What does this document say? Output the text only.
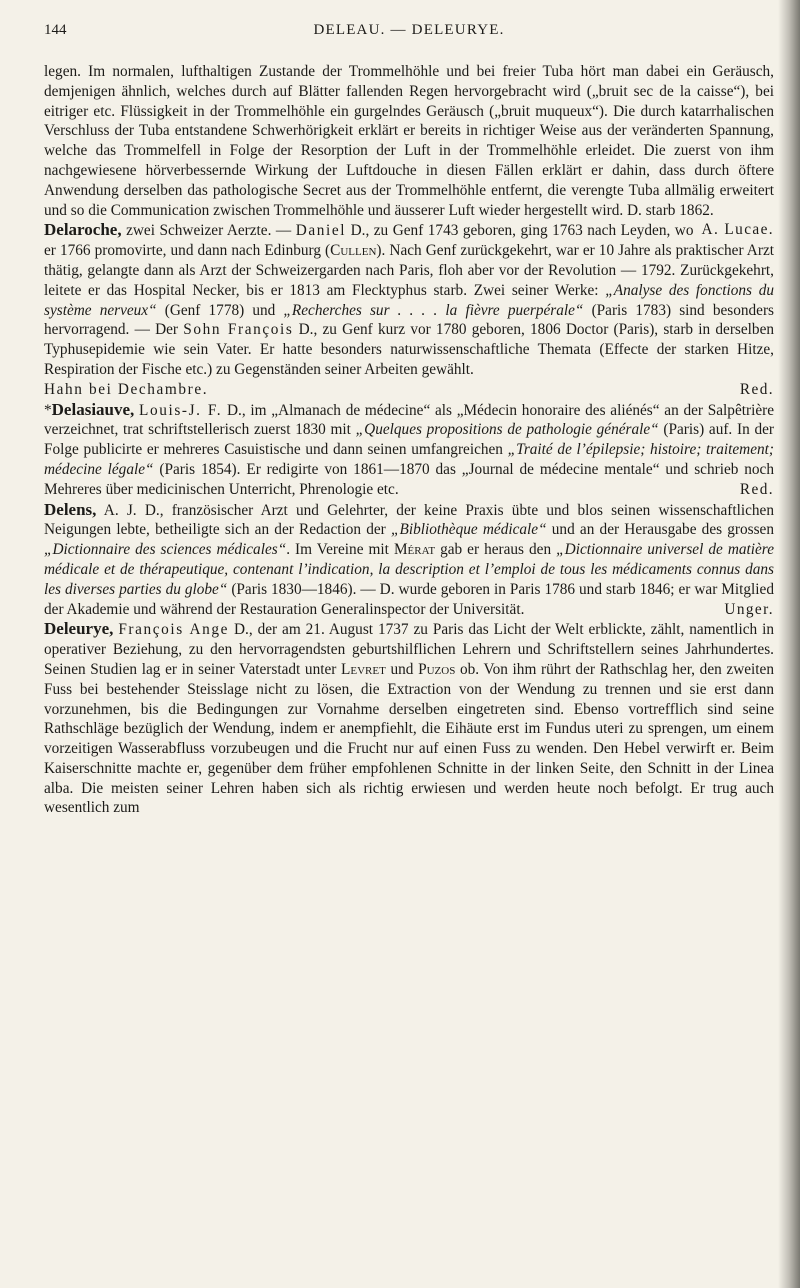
144	DELEAU. — DELEURYE.

legen. Im normalen, lufthaltigen Zustande der Trommelhöhle und bei freier Tuba hört man dabei ein Geräusch, demjenigen ähnlich, welches durch auf Blätter fallenden Regen hervorgebracht wird („bruit sec de la caisse“), bei eitriger etc. Flüssigkeit in der Trommelhöhle ein gurgelndes Geräusch („bruit muqueux“). Die durch katarrhalischen Verschluss der Tuba entstandene Schwerhörigkeit erklärt er bereits in richtiger Weise aus der veränderten Spannung, welche das Trommelfell in Folge der Resorption der Luft in der Trommelhöhle erleidet. Die zuerst von ihm nachgewiesene hörverbessernde Wirkung der Luftdouche in diesen Fällen erklärt er dahin, dass durch öftere Anwendung derselben das pathologische Secret aus der Trommelhöhle entfernt, die verengte Tuba allmälig erweitert und so die Communication zwischen Trommelhöhle und äusserer Luft wieder hergestellt wird. D. starb 1862.
A. Lucae.

Delaroche, zwei Schweizer Aerzte. — Daniel D., zu Genf 1743 geboren, ging 1763 nach Leyden, wo er 1766 promovirte, und dann nach Edinburg (Cullen). Nach Genf zurückgekehrt, war er 10 Jahre als praktischer Arzt thätig, gelangte dann als Arzt der Schweizergarden nach Paris, floh aber vor der Revolution — 1792. Zurückgekehrt, leitete er das Hospital Necker, bis er 1813 am Flecktyphus starb. Zwei seiner Werke: „Analyse des fonctions du système nerveux“ (Genf 1778) und „Recherches sur . . . . la fièvre puerpérale“ (Paris 1783) sind besonders hervorragend. — Der Sohn François D., zu Genf kurz vor 1780 geboren, 1806 Doctor (Paris), starb in derselben Typhusepidemie wie sein Vater. Er hatte besonders naturwissenschaftliche Themata (Effecte der starken Hitze, Respiration der Fische etc.) zu Gegenständen seiner Arbeiten gewählt.
Hahn bei Dechambre.	Red.

*Delasiauve, Louis-J. F. D., im „Almanach de médecine“ als „Médecin honoraire des aliénés“ an der Salpêtrière verzeichnet, trat schriftstellerisch zuerst 1830 mit „Quelques propositions de pathologie générale“ (Paris) auf. In der Folge publicirte er mehreres Casuistische und dann seinen umfangreichen „Traité de l’épilepsie; histoire; traitement; médecine légale“ (Paris 1854). Er redigirte von 1861—1870 das „Journal de médecine mentale“ und schrieb noch Mehreres über medicinischen Unterricht, Phrenologie etc.	Red.

Delens, A. J. D., französischer Arzt und Gelehrter, der keine Praxis übte und blos seinen wissenschaftlichen Neigungen lebte, betheiligte sich an der Redaction der „Bibliothèque médicale“ und an der Herausgabe des grossen „Dictionnaire des sciences médicales“. Im Vereine mit Mérat gab er heraus den „Dictionnaire universel de matière médicale et de thérapeutique, contenant l’indication, la description et l’emploi de tous les médicaments connus dans les diverses parties du globe“ (Paris 1830—1846). — D. wurde geboren in Paris 1786 und starb 1846; er war Mitglied der Akademie und während der Restauration Generalinspector der Universität.	Unger.

Deleurye, François Ange D., der am 21. August 1737 zu Paris das Licht der Welt erblickte, zählt, namentlich in operativer Beziehung, zu den hervorragendsten geburtshilflichen Lehrern und Schriftstellern seines Jahrhundertes. Seinen Studien lag er in seiner Vaterstadt unter Levret und Puzos ob. Von ihm rührt der Rathschlag her, den zweiten Fuss bei bestehender Steisslage nicht zu lösen, die Extraction von der Wendung zu trennen und sie erst dann vorzunehmen, bis die Bedingungen zur Vornahme derselben eingetreten sind. Ebenso vortrefflich sind seine Rathschläge bezüglich der Wendung, indem er anempfiehlt, die Eihäute erst im Fundus uteri zu sprengen, um einem vorzeitigen Wasserabfluss vorzubeugen und die Frucht nur auf einen Fuss zu wenden. Den Hebel verwirft er. Beim Kaiserschnitte machte er, gegenüber dem früher empfohlenen Schnitte in der linken Seite, den Schnitt in der Linea alba. Die meisten seiner Lehren haben sich als richtig erwiesen und werden heute noch befolgt. Er trug auch wesentlich zum
